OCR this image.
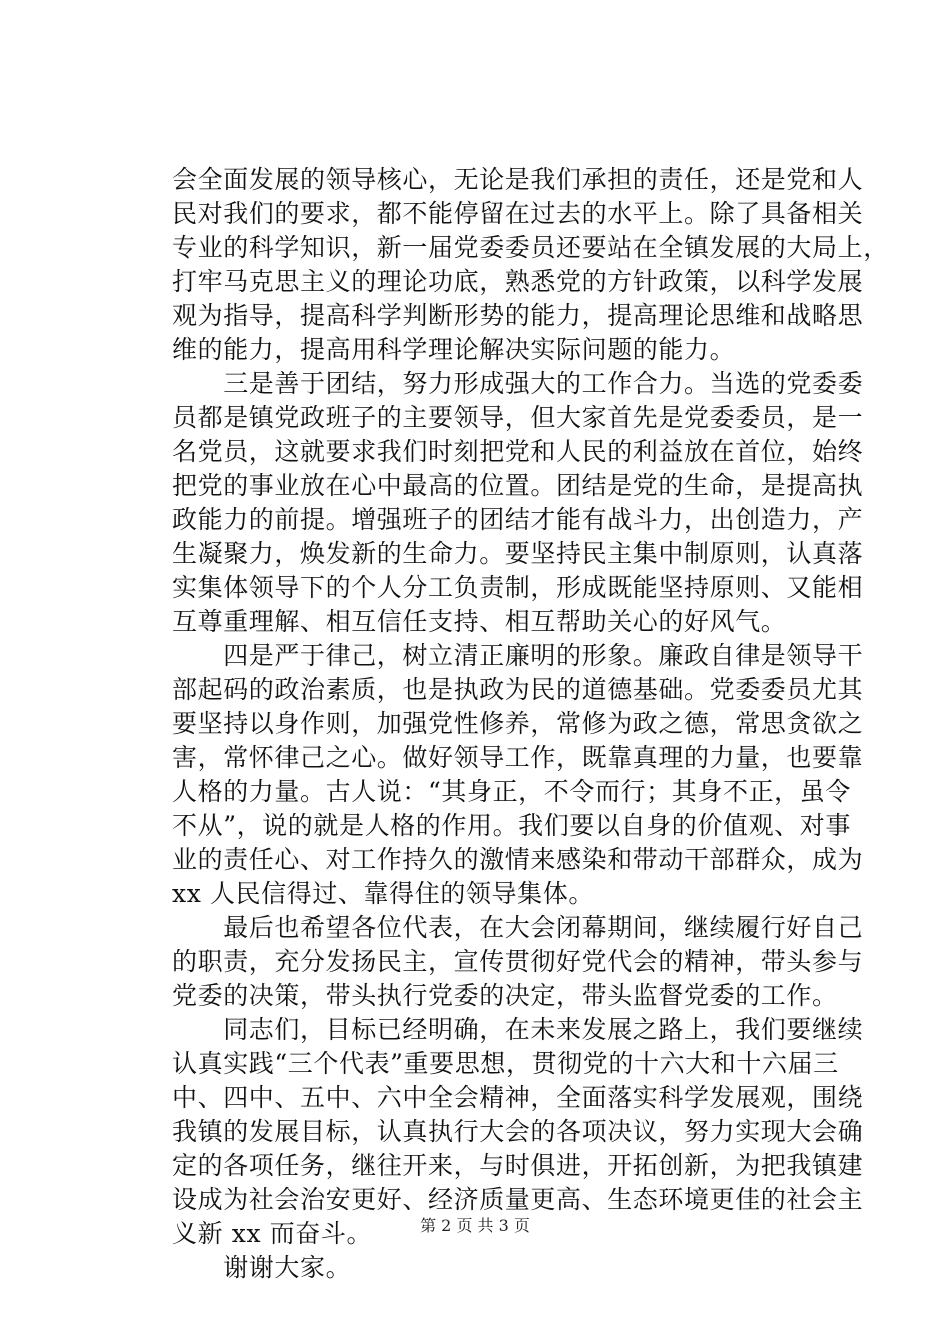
会全面发展的领导核心，无论是我们承担的责任，还是党和人
民对我们的要求，都不能停留在过去的水平上。除了具备相关
专业的科学知识，新一届党委委员还要站在全镇发展的大局上，
打牢马克思主义的理论功底，熟悉党的方针政策，以科学发展
观为指导，提高科学判断形势的能力，提高理论思维和战略思
维的能力，提高用科学理论解决实际问题的能力。
　　三是善于团结，努力形成强大的工作合力。当选的党委委
员都是镇党政班子的主要领导，但大家首先是党委委员，是一
名党员，这就要求我们时刻把党和人民的利益放在首位，始终
把党的事业放在心中最高的位置。团结是党的生命，是提高执
政能力的前提。增强班子的团结才能有战斗力，出创造力，产
生凝聚力，焕发新的生命力。要坚持民主集中制原则，认真落
实集体领导下的个人分工负责制，形成既能坚持原则、又能相
互尊重理解、相互信任支持、相互帮助关心的好风气。
　　四是严于律己，树立清正廉明的形象。廉政自律是领导干
部起码的政治素质，也是执政为民的道德基础。党委委员尤其
要坚持以身作则，加强党性修养，常修为政之德，常思贪欲之
害，常怀律己之心。做好领导工作，既靠真理的力量，也要靠
人格的力量。古人说：“其身正，不令而行；其身不正，虽令
不从”，说的就是人格的作用。我们要以自身的价值观、对事
业的责任心、对工作持久的激情来感染和带动干部群众，成为
xx 人民信得过、靠得住的领导集体。
　　最后也希望各位代表，在大会闭幕期间，继续履行好自己
的职责，充分发扬民主，宣传贯彻好党代会的精神，带头参与
党委的决策，带头执行党委的决定，带头监督党委的工作。
　　同志们，目标已经明确，在未来发展之路上，我们要继续
认真实践“三个代表”重要思想，贯彻党的十六大和十六届三
中、四中、五中、六中全会精神，全面落实科学发展观，围绕
我镇的发展目标，认真执行大会的各项决议，努力实现大会确
定的各项任务，继往开来，与时俱进，开拓创新，为把我镇建
设成为社会治安更好、经济质量更高、生态环境更佳的社会主
义新 xx 而奋斗。
　　谢谢大家。
第 2 页 共 3 页
